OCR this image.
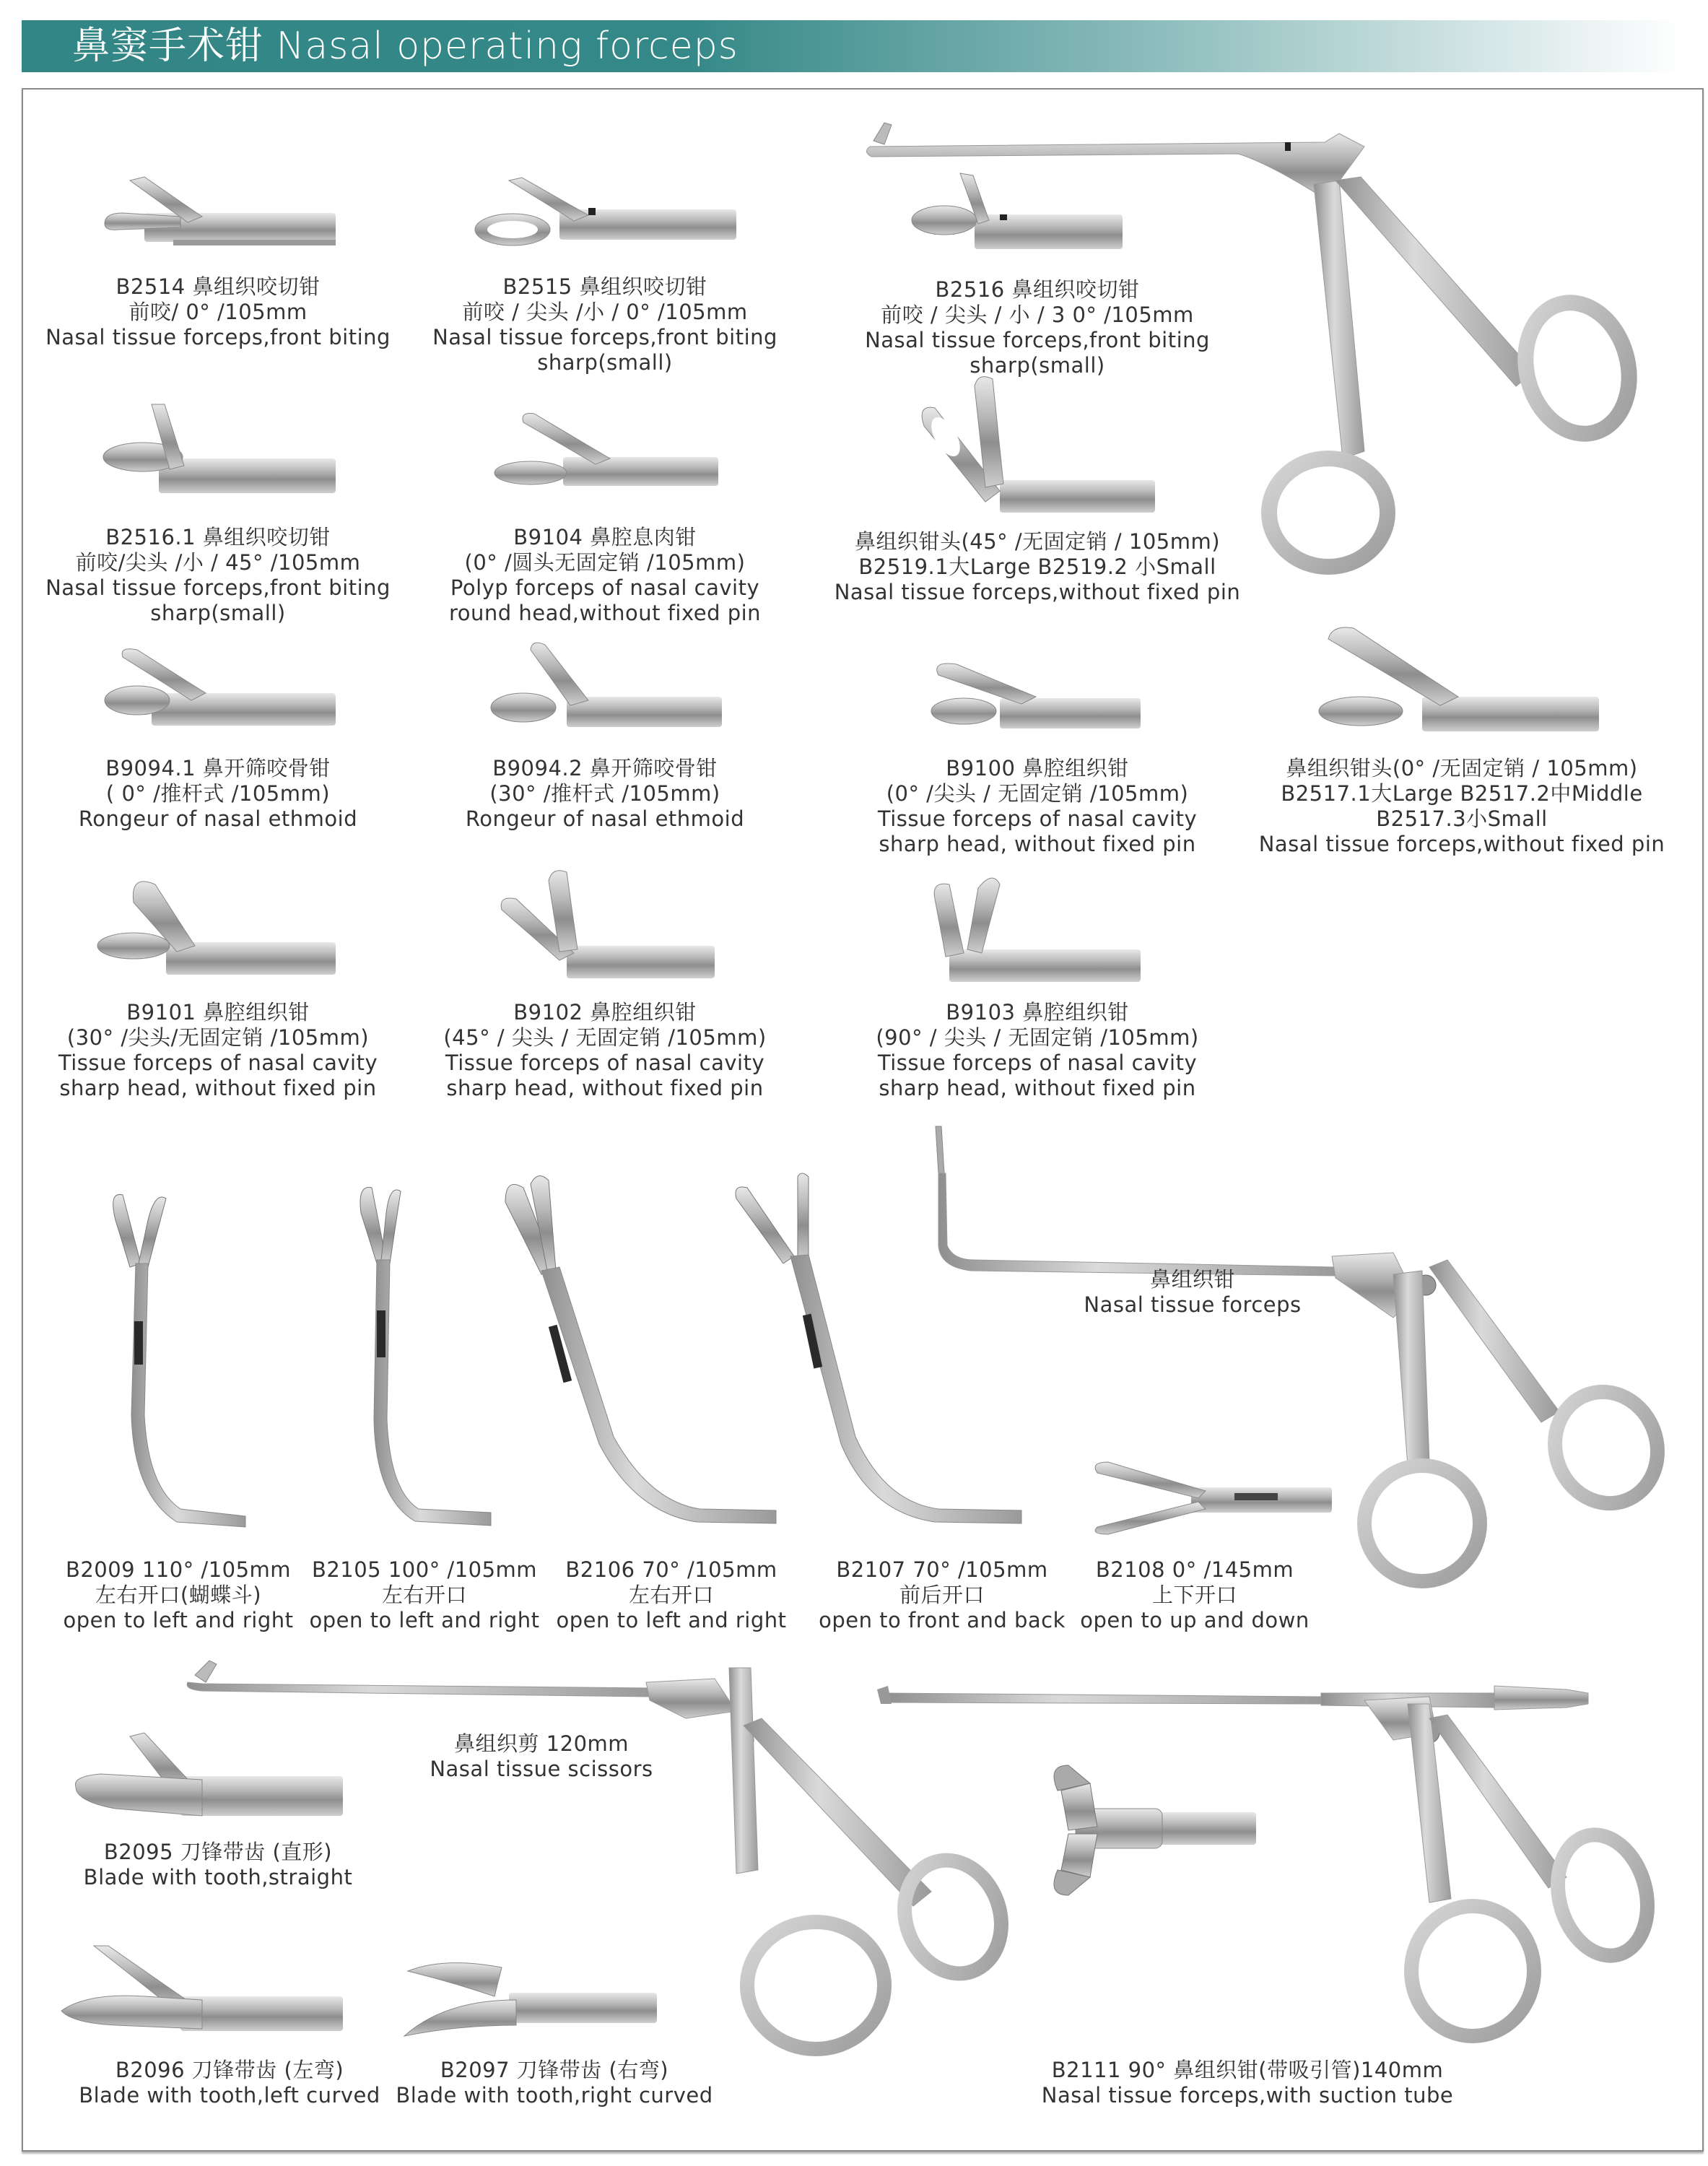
鼻窦手术钳 Nasal operating forceps
B2514 鼻组织咬切钳
前咬/ 0° /105mm
Nasal tissue forceps,front biting
B2515 鼻组织咬切钳
前咬 / 尖头 /小 / 0° /105mm
Nasal tissue forceps,front biting
sharp(small)
B2516 鼻组织咬切钳
前咬 / 尖头 / 小 / 3 0° /105mm
Nasal tissue forceps,front biting
sharp(small)
B2516.1 鼻组织咬切钳
前咬/尖头 /小 / 45° /105mm
Nasal tissue forceps,front biting
sharp(small)
B9104 鼻腔息肉钳
(0° /圆头无固定销 /105mm)
Polyp forceps of nasal cavity
round head,without fixed pin
鼻组织钳头(45° /无固定销 / 105mm)
B2519.1大Large B2519.2 小Small
Nasal tissue forceps,without fixed pin
B9094.1 鼻开筛咬骨钳
( 0° /推杆式 /105mm)
Rongeur of nasal ethmoid
B9094.2 鼻开筛咬骨钳
(30° /推杆式 /105mm)
Rongeur of nasal ethmoid
B9100 鼻腔组织钳
(0° /尖头 / 无固定销 /105mm)
Tissue forceps of nasal cavity
sharp head, without fixed pin
鼻组织钳头(0° /无固定销 / 105mm)
B2517.1大Large B2517.2中Middle
B2517.3小Small
Nasal tissue forceps,without fixed pin
B9101 鼻腔组织钳
(30° /尖头/无固定销 /105mm)
Tissue forceps of nasal cavity
sharp head, without fixed pin
B9102 鼻腔组织钳
(45° / 尖头 / 无固定销 /105mm)
Tissue forceps of nasal cavity
sharp head, without fixed pin
B9103 鼻腔组织钳
(90° / 尖头 / 无固定销 /105mm)
Tissue forceps of nasal cavity
sharp head, without fixed pin
鼻组织钳
Nasal tissue forceps
B2009 110° /105mm
左右开口(蝴蝶斗)
open to left and right
B2105 100° /105mm
左右开口
open to left and right
B2106 70° /105mm
左右开口
open to left and right
B2107 70° /105mm
前后开口
open to front and back
B2108 0° /145mm
上下开口
open to up and down
鼻组织剪 120mm
Nasal tissue scissors
B2095 刀锋带齿 (直形)
Blade with tooth,straight
B2096 刀锋带齿 (左弯)
Blade with tooth,left curved
B2097 刀锋带齿 (右弯)
Blade with tooth,right curved
B2111 90° 鼻组织钳(带吸引管)140mm
Nasal tissue forceps,with suction tube
